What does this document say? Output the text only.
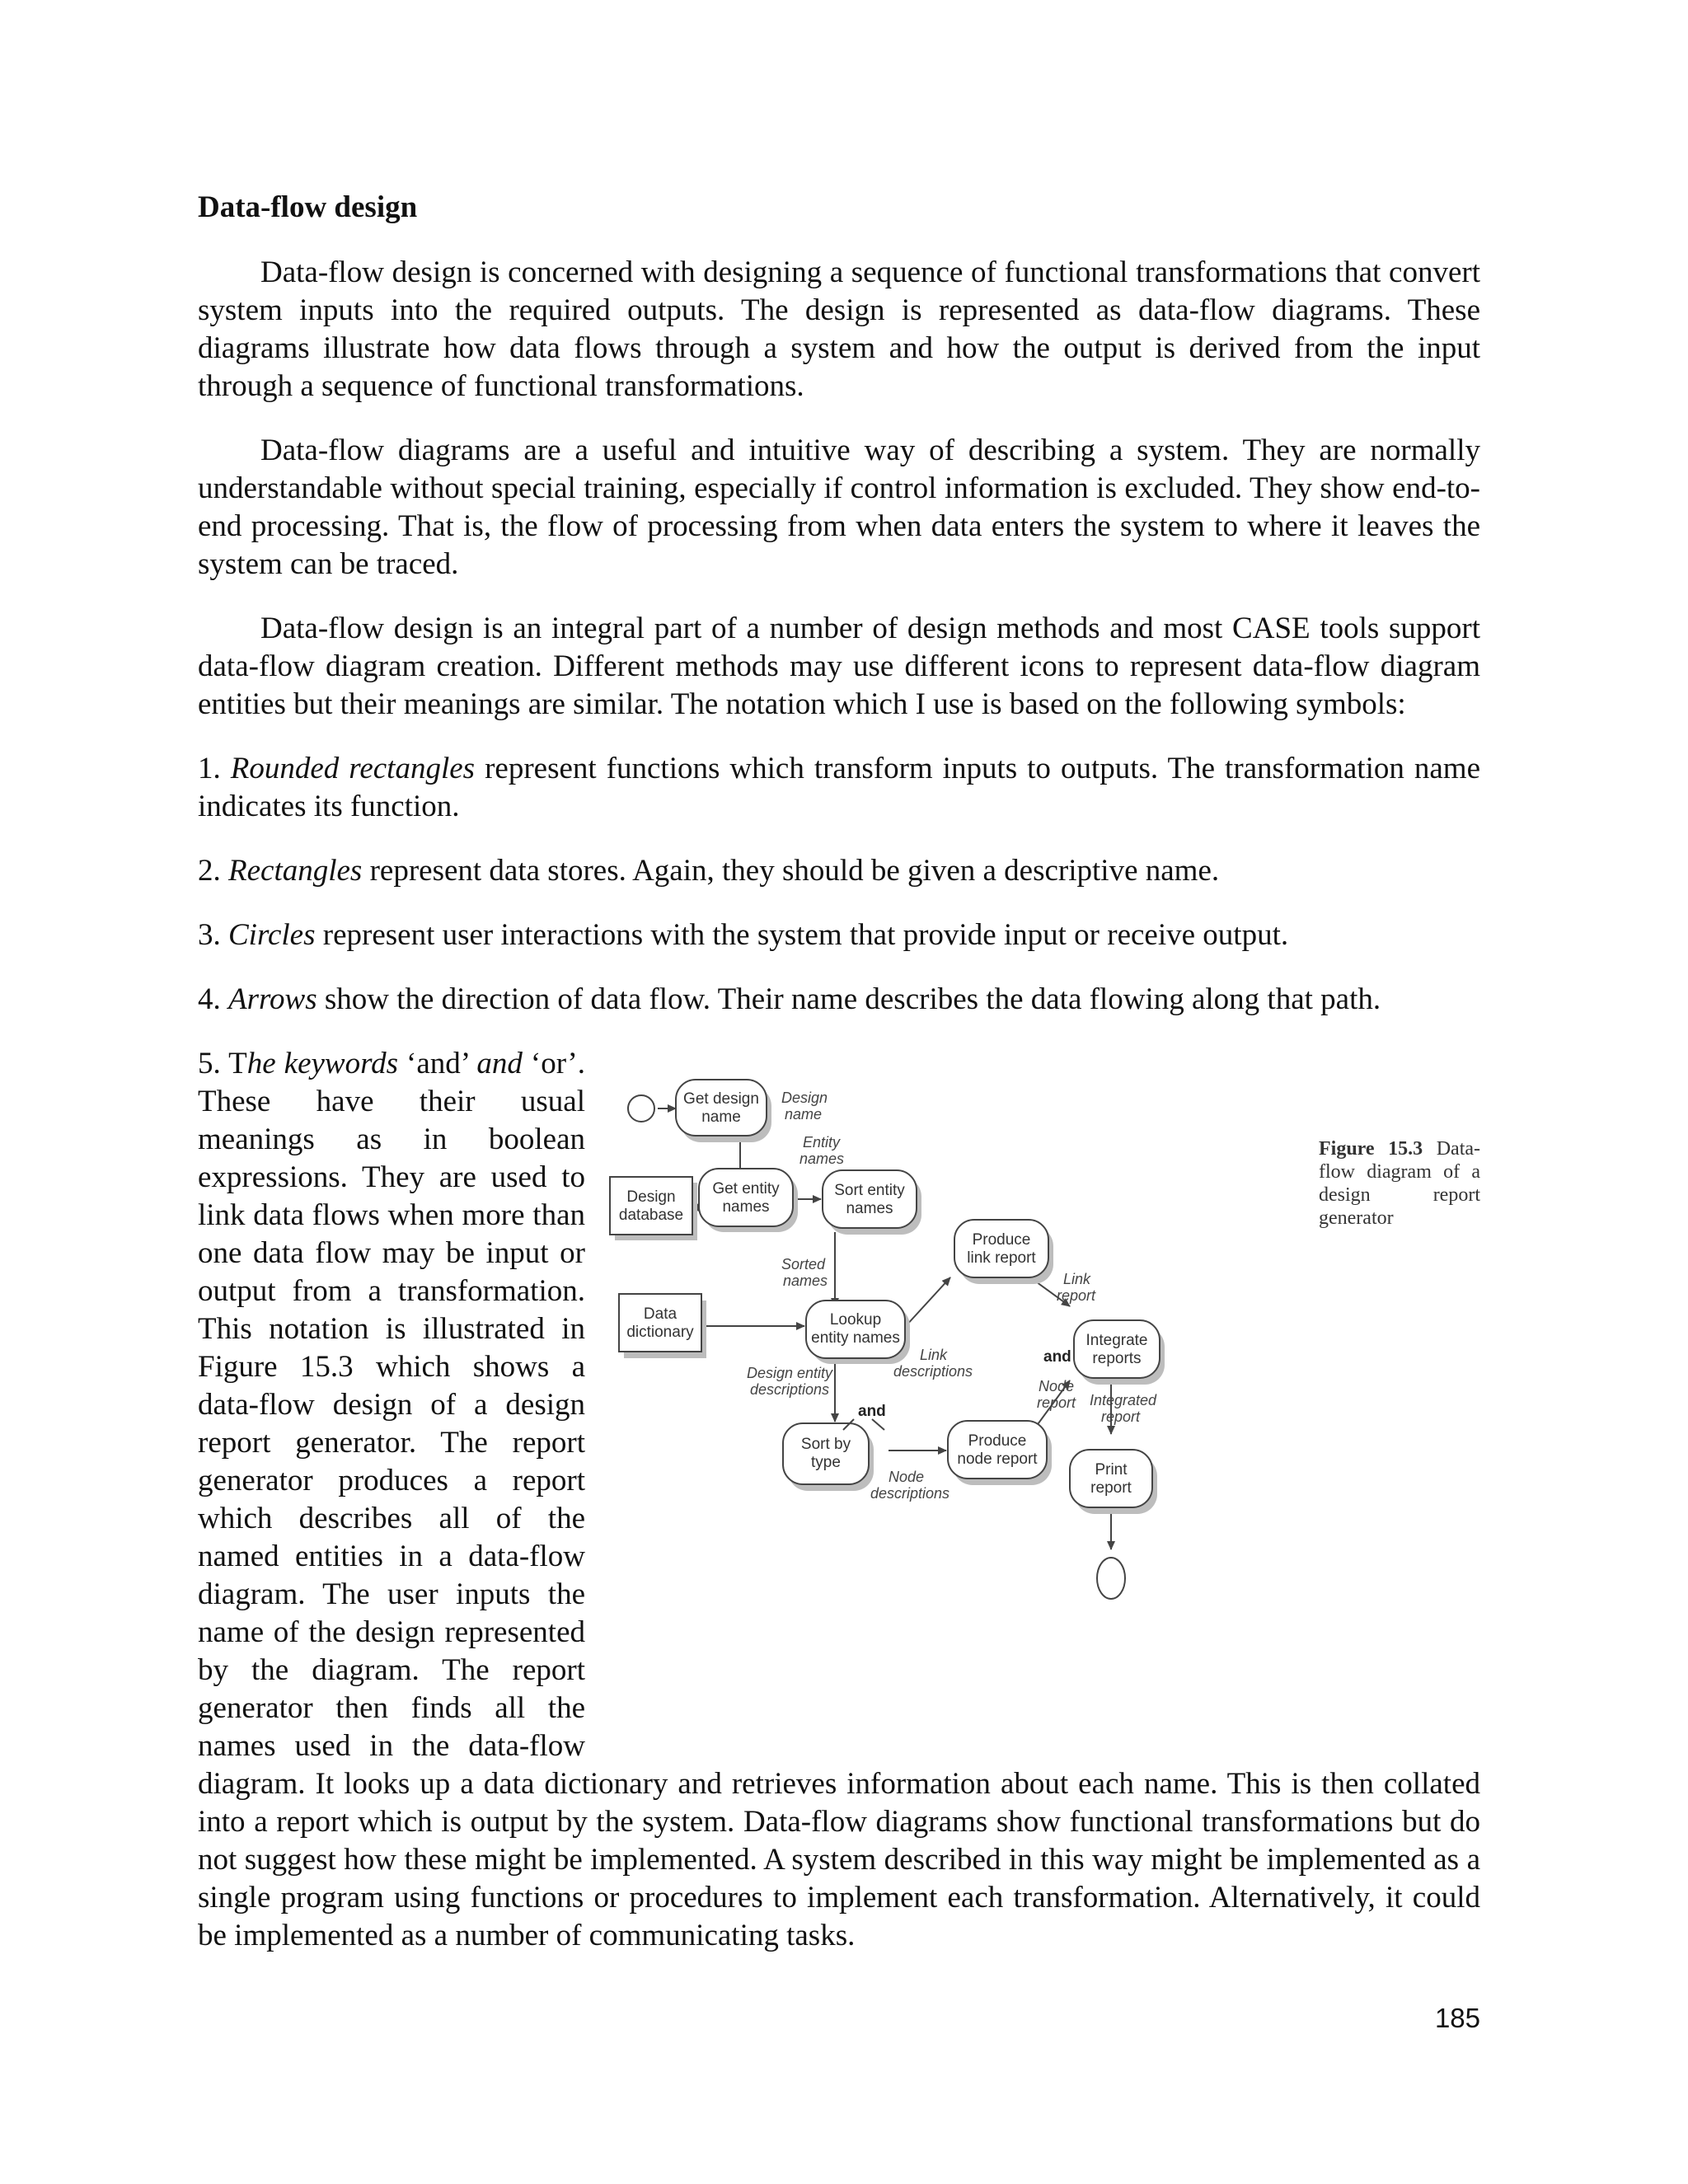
Data-flow design

Data-flow design is concerned with designing a sequence of functional transformations that convert system inputs into the required outputs. The design is represented as data-flow diagrams. These diagrams illustrate how data flows through a system and how the output is derived from the input through a sequence of functional transformations.

Data-flow diagrams are a useful and intuitive way of describing a system. They are normally understandable without special training, especially if control information is excluded. They show end-to-end processing. That is, the flow of processing from when data enters the system to where it leaves the system can be traced.

Data-flow design is an integral part of a number of design methods and most CASE tools support data-flow diagram creation. Different methods may use different icons to represent data-flow diagram entities but their meanings are similar. The notation which I use is based on the following symbols:

1. Rounded rectangles represent functions which transform inputs to outputs. The transformation name indicates its function.

2. Rectangles represent data stores. Again, they should be given a descriptive name.

3. Circles represent user interactions with the system that provide input or receive output.

4. Arrows show the direction of data flow. Their name describes the data flowing along that path.

Get design
name
Design
database
Get entity
names
Sort entity
names
Data
dictionary
Lookup
entity names
Produce
link report
Integrate
reports
Sort by
type
Produce
node report
Print
report
Design
name
Entity
names
Sorted
names
Design entity
descriptions
Link
descriptions
Link
report
Node
report
Node
descriptions
Integrated
report
and
and
Figure 15.3 Data-flow diagram of a design report generator
5. The keywords ‘and’ and ‘or’. These have their usual meanings as in boolean expressions. They are used to link data flows when more than one data flow may be input or output from a transformation. This notation is illustrated in Figure 15.3 which shows a data-flow design of a design report generator. The report generator produces a report which describes all of the named entities in a data-flow diagram. The user inputs the name of the design represented by the diagram. The report generator then finds all the names used in the data-flow diagram. It looks up a data dictionary and retrieves information about each name. This is then collated into a report which is output by the system. Data-flow diagrams show functional transformations but do not suggest how these might be implemented. A system described in this way might be implemented as a single program using functions or procedures to implement each transformation. Alternatively, it could be implemented as a number of communicating tasks.

185
